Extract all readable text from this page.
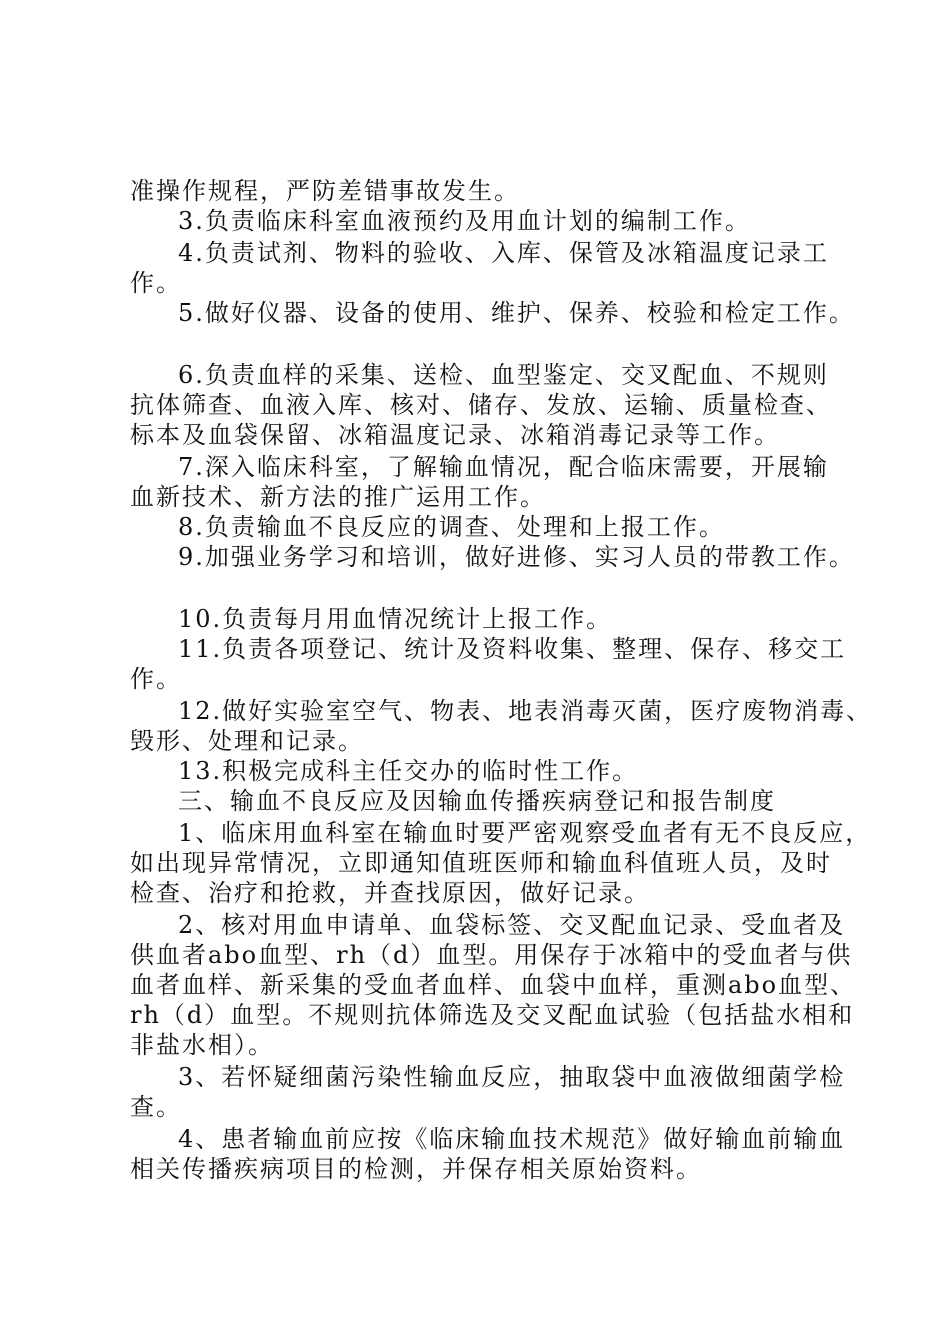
准操作规程，严防差错事故发生。
3.负责临床科室血液预约及用血计划的编制工作。
4.负责试剂、物料的验收、入库、保管及冰箱温度记录工
作。
5.做好仪器、设备的使用、维护、保养、校验和检定工作。
6.负责血样的采集、送检、血型鉴定、交叉配血、不规则
抗体筛查、血液入库、核对、储存、发放、运输、质量检查、
标本及血袋保留、冰箱温度记录、冰箱消毒记录等工作。
7.深入临床科室，了解输血情况，配合临床需要，开展输
血新技术、新方法的推广运用工作。
8.负责输血不良反应的调查、处理和上报工作。
9.加强业务学习和培训，做好进修、实习人员的带教工作。
10.负责每月用血情况统计上报工作。
11.负责各项登记、统计及资料收集、整理、保存、移交工
作。
12.做好实验室空气、物表、地表消毒灭菌，医疗废物消毒、
毁形、处理和记录。
13.积极完成科主任交办的临时性工作。
三、输血不良反应及因输血传播疾病登记和报告制度
1、临床用血科室在输血时要严密观察受血者有无不良反应，
如出现异常情况，立即通知值班医师和输血科值班人员，及时
检查、治疗和抢救，并查找原因，做好记录。
2、核对用血申请单、血袋标签、交叉配血记录、受血者及
供血者abo血型、rh（d）血型。用保存于冰箱中的受血者与供
血者血样、新采集的受血者血样、血袋中血样，重测abo血型、
rh（d）血型。不规则抗体筛选及交叉配血试验（包括盐水相和
非盐水相）。
3、若怀疑细菌污染性输血反应，抽取袋中血液做细菌学检
查。
4、患者输血前应按《临床输血技术规范》做好输血前输血
相关传播疾病项目的检测，并保存相关原始资料。
